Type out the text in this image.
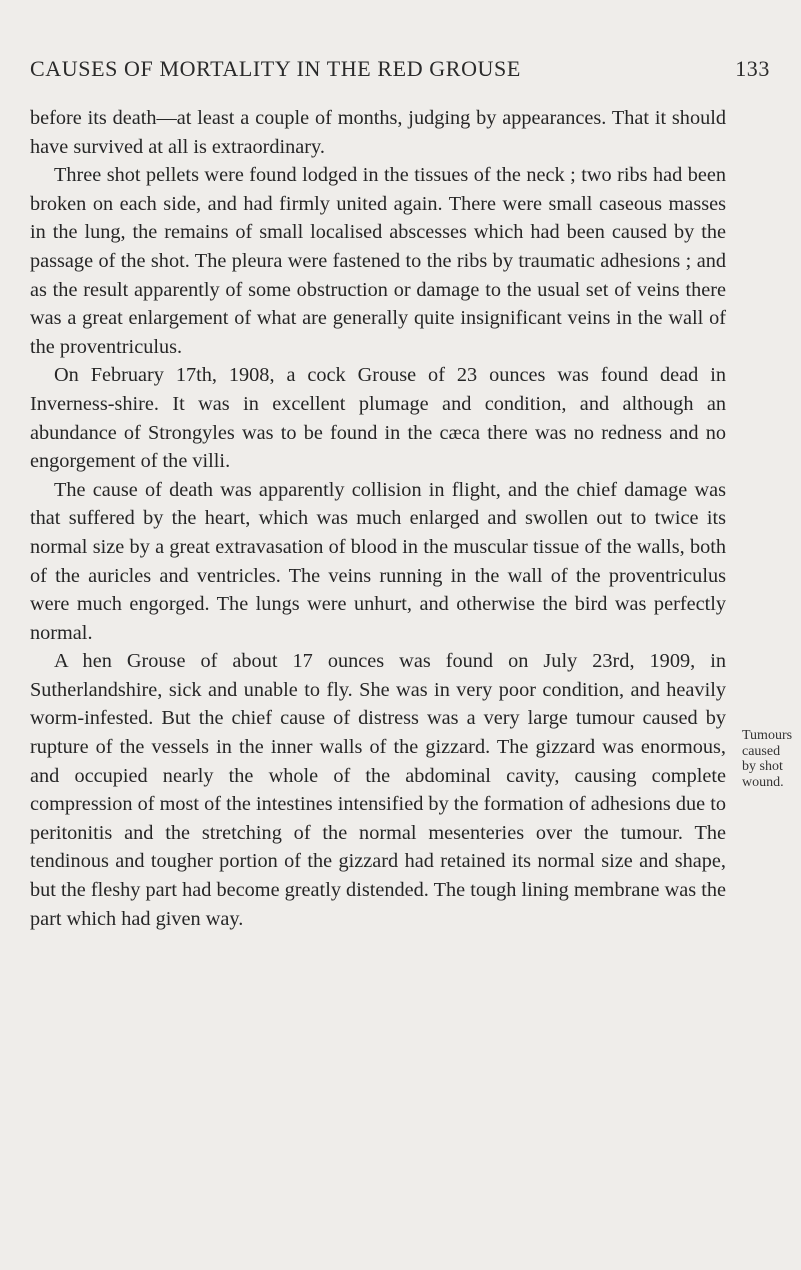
CAUSES OF MORTALITY IN THE RED GROUSE	133

before its death—at least a couple of months, judging by appearances. That it should have survived at all is extraordinary.

Three shot pellets were found lodged in the tissues of the neck ; two ribs had been broken on each side, and had firmly united again. There were small caseous masses in the lung, the remains of small localised abscesses which had been caused by the passage of the shot. The pleura were fastened to the ribs by traumatic adhesions ; and as the result apparently of some obstruction or damage to the usual set of veins there was a great enlargement of what are generally quite insignificant veins in the wall of the proventriculus.

On February 17th, 1908, a cock Grouse of 23 ounces was found dead in Inverness-shire. It was in excellent plumage and condition, and although an abundance of Strongyles was to be found in the cæca there was no redness and no engorgement of the villi.

The cause of death was apparently collision in flight, and the chief damage was that suffered by the heart, which was much enlarged and swollen out to twice its normal size by a great extravasation of blood in the muscular tissue of the walls, both of the auricles and ventricles. The veins running in the wall of the proventriculus were much engorged. The lungs were unhurt, and otherwise the bird was perfectly normal.

A hen Grouse of about 17 ounces was found on July 23rd, 1909, in Sutherlandshire, sick and unable to fly. She was in very poor condition, and heavily worm-infested. But the chief cause of distress was a very large tumour caused by rupture of the vessels in the inner walls of the gizzard. The gizzard was enormous, and occupied nearly the whole of the abdominal cavity, causing complete compression of most of the intestines intensified by the formation of adhesions due to peritonitis and the stretching of the normal mesenteries over the tumour. The tendinous and tougher portion of the gizzard had retained its normal size and shape, but the fleshy part had become greatly distended. The tough lining membrane was the part which had given way.

Tumours
caused
by shot
wound.
